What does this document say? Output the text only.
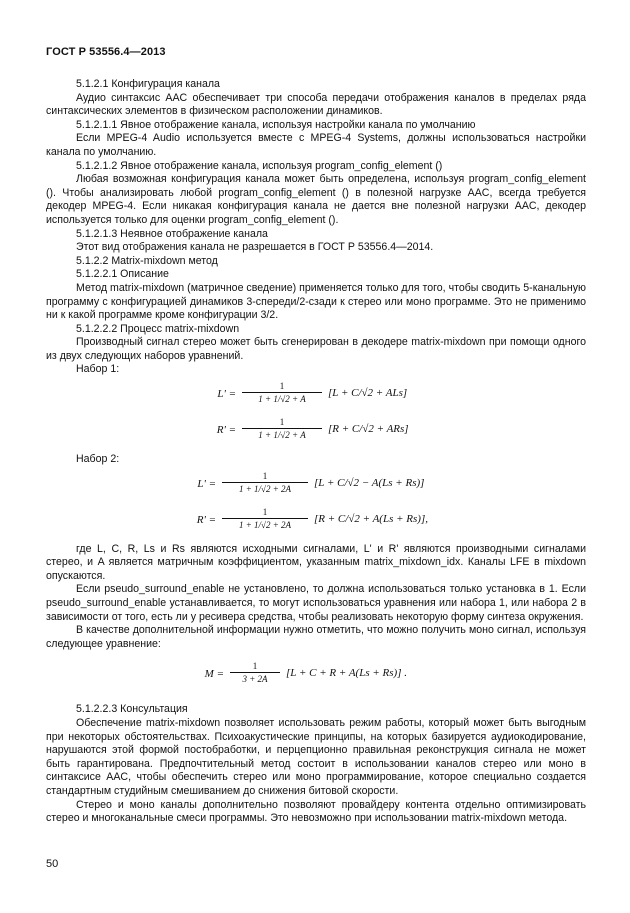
ГОСТ Р 53556.4—2013

5.1.2.1 Конфигурация канала

Аудио синтаксис AAC обеспечивает три способа передачи отображения каналов в пределах ряда синтаксических элементов в физическом расположении динамиков.

5.1.2.1.1 Явное отображение канала, используя настройки канала по умолчанию

Если MPEG-4 Audio используется вместе с MPEG-4 Systems, должны использоваться настройки канала по умолчанию.

5.1.2.1.2 Явное отображение канала, используя program_config_element ()

Любая возможная конфигурация канала может быть определена, используя program_config_element (). Чтобы анализировать любой program_config_element () в полезной нагрузке AAC, всегда требуется декодер MPEG-4. Если никакая конфигурация канала не дается вне полезной нагрузки AAC, декодер используется только для оценки program_config_element ().

5.1.2.1.3 Неявное отображение канала

Этот вид отображения канала не разрешается в ГОСТ Р 53556.4—2014.

5.1.2.2 Matrix-mixdown метод

5.1.2.2.1 Описание

Метод matrix-mixdown (матричное сведение) применяется только для того, чтобы сводить 5-канальную программу с конфигурацией динамиков 3-спереди/2-сзади к стерео или моно программе. Это не применимо ни к какой программе кроме конфигурации 3/2.

5.1.2.2.2 Процесс matrix-mixdown

Производный сигнал стерео может быть сгенерирован в декодере matrix-mixdown при помощи одного из двух следующих наборов уравнений.

Набор 1:

$L' = \frac{1}{1 + 1/√2 + A} [L + C/√2 + ALs]$
$R' = \frac{1}{1 + 1/√2 + A} [R + C/√2 + ARs]$

Набор 2:

$L' = \frac{1}{1 + 1/√2 + 2A} [L + C/√2 - A(Ls + Rs)]$
$R' = \frac{1}{1 + 1/√2 + 2A} [R + C/√2 + A(Ls + Rs)]$,

где L, C, R, Ls и Rs являются исходными сигналами, L' и R' являются производными сигналами стерео, и A является матричным коэффициентом, указанным matrix_mixdown_idx. Каналы LFE в mixdown опускаются.

Если pseudo_surround_enable не установлено, то должна использоваться только установка в 1. Если pseudo_surround_enable устанавливается, то могут использоваться уравнения или набора 1, или набора 2 в зависимости от того, есть ли у ресивера средства, чтобы реализовать некоторую форму синтеза окружения.

В качестве дополнительной информации нужно отметить, что можно получить моно сигнал, используя следующее уравнение:

$M = \frac{1}{3 + 2A} [L + C + R + A(Ls + Rs)]$ .

5.1.2.2.3 Консультация

Обеспечение matrix-mixdown позволяет использовать режим работы, который может быть выгодным при некоторых обстоятельствах. Психоакустические принципы, на которых базируется аудиокодирование, нарушаются этой формой постобработки, и перцепционно правильная реконструкция сигнала не может быть гарантирована. Предпочтительный метод состоит в использовании каналов стерео или моно в синтаксисе AAC, чтобы обеспечить стерео или моно программирование, которое специально создается стандартным студийным смешиванием до снижения битовой скорости.

Стерео и моно каналы дополнительно позволяют провайдеру контента отдельно оптимизировать стерео и многоканальные смеси программы. Это невозможно при использовании matrix-mixdown метода.

50
